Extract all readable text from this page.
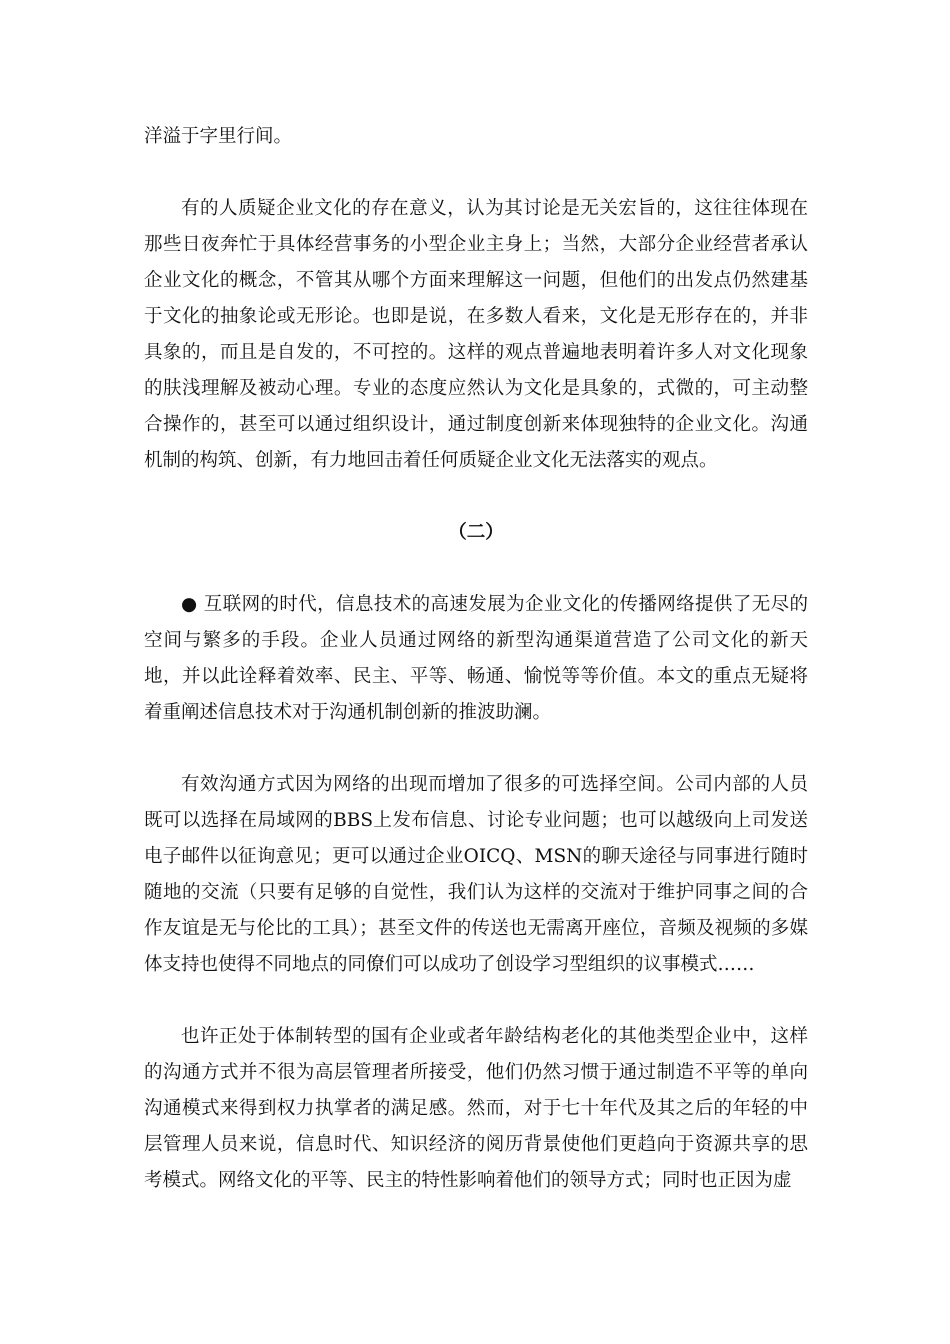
洋溢于字里行间。

有的人质疑企业文化的存在意义，认为其讨论是无关宏旨的，这往往体现在那些日夜奔忙于具体经营事务的小型企业主身上；当然，大部分企业经营者承认企业文化的概念，不管其从哪个方面来理解这一问题，但他们的出发点仍然建基于文化的抽象论或无形论。也即是说，在多数人看来，文化是无形存在的，并非具象的，而且是自发的，不可控的。这样的观点普遍地表明着许多人对文化现象的肤浅理解及被动心理。专业的态度应然认为文化是具象的，式微的，可主动整合操作的，甚至可以通过组织设计，通过制度创新来体现独特的企业文化。沟通机制的构筑、创新，有力地回击着任何质疑企业文化无法落实的观点。

（二）

● 互联网的时代，信息技术的高速发展为企业文化的传播网络提供了无尽的空间与繁多的手段。企业人员通过网络的新型沟通渠道营造了公司文化的新天地，并以此诠释着效率、民主、平等、畅通、愉悦等等价值。本文的重点无疑将着重阐述信息技术对于沟通机制创新的推波助澜。

有效沟通方式因为网络的出现而增加了很多的可选择空间。公司内部的人员既可以选择在局域网的BBS上发布信息、讨论专业问题；也可以越级向上司发送电子邮件以征询意见；更可以通过企业OICQ、MSN的聊天途径与同事进行随时随地的交流（只要有足够的自觉性，我们认为这样的交流对于维护同事之间的合作友谊是无与伦比的工具）；甚至文件的传送也无需离开座位，音频及视频的多媒体支持也使得不同地点的同僚们可以成功了创设学习型组织的议事模式……

也许正处于体制转型的国有企业或者年龄结构老化的其他类型企业中，这样的沟通方式并不很为高层管理者所接受，他们仍然习惯于通过制造不平等的单向沟通模式来得到权力执掌者的满足感。然而，对于七十年代及其之后的年轻的中层管理人员来说，信息时代、知识经济的阅历背景使他们更趋向于资源共享的思考模式。网络文化的平等、民主的特性影响着他们的领导方式；同时也正因为虚
